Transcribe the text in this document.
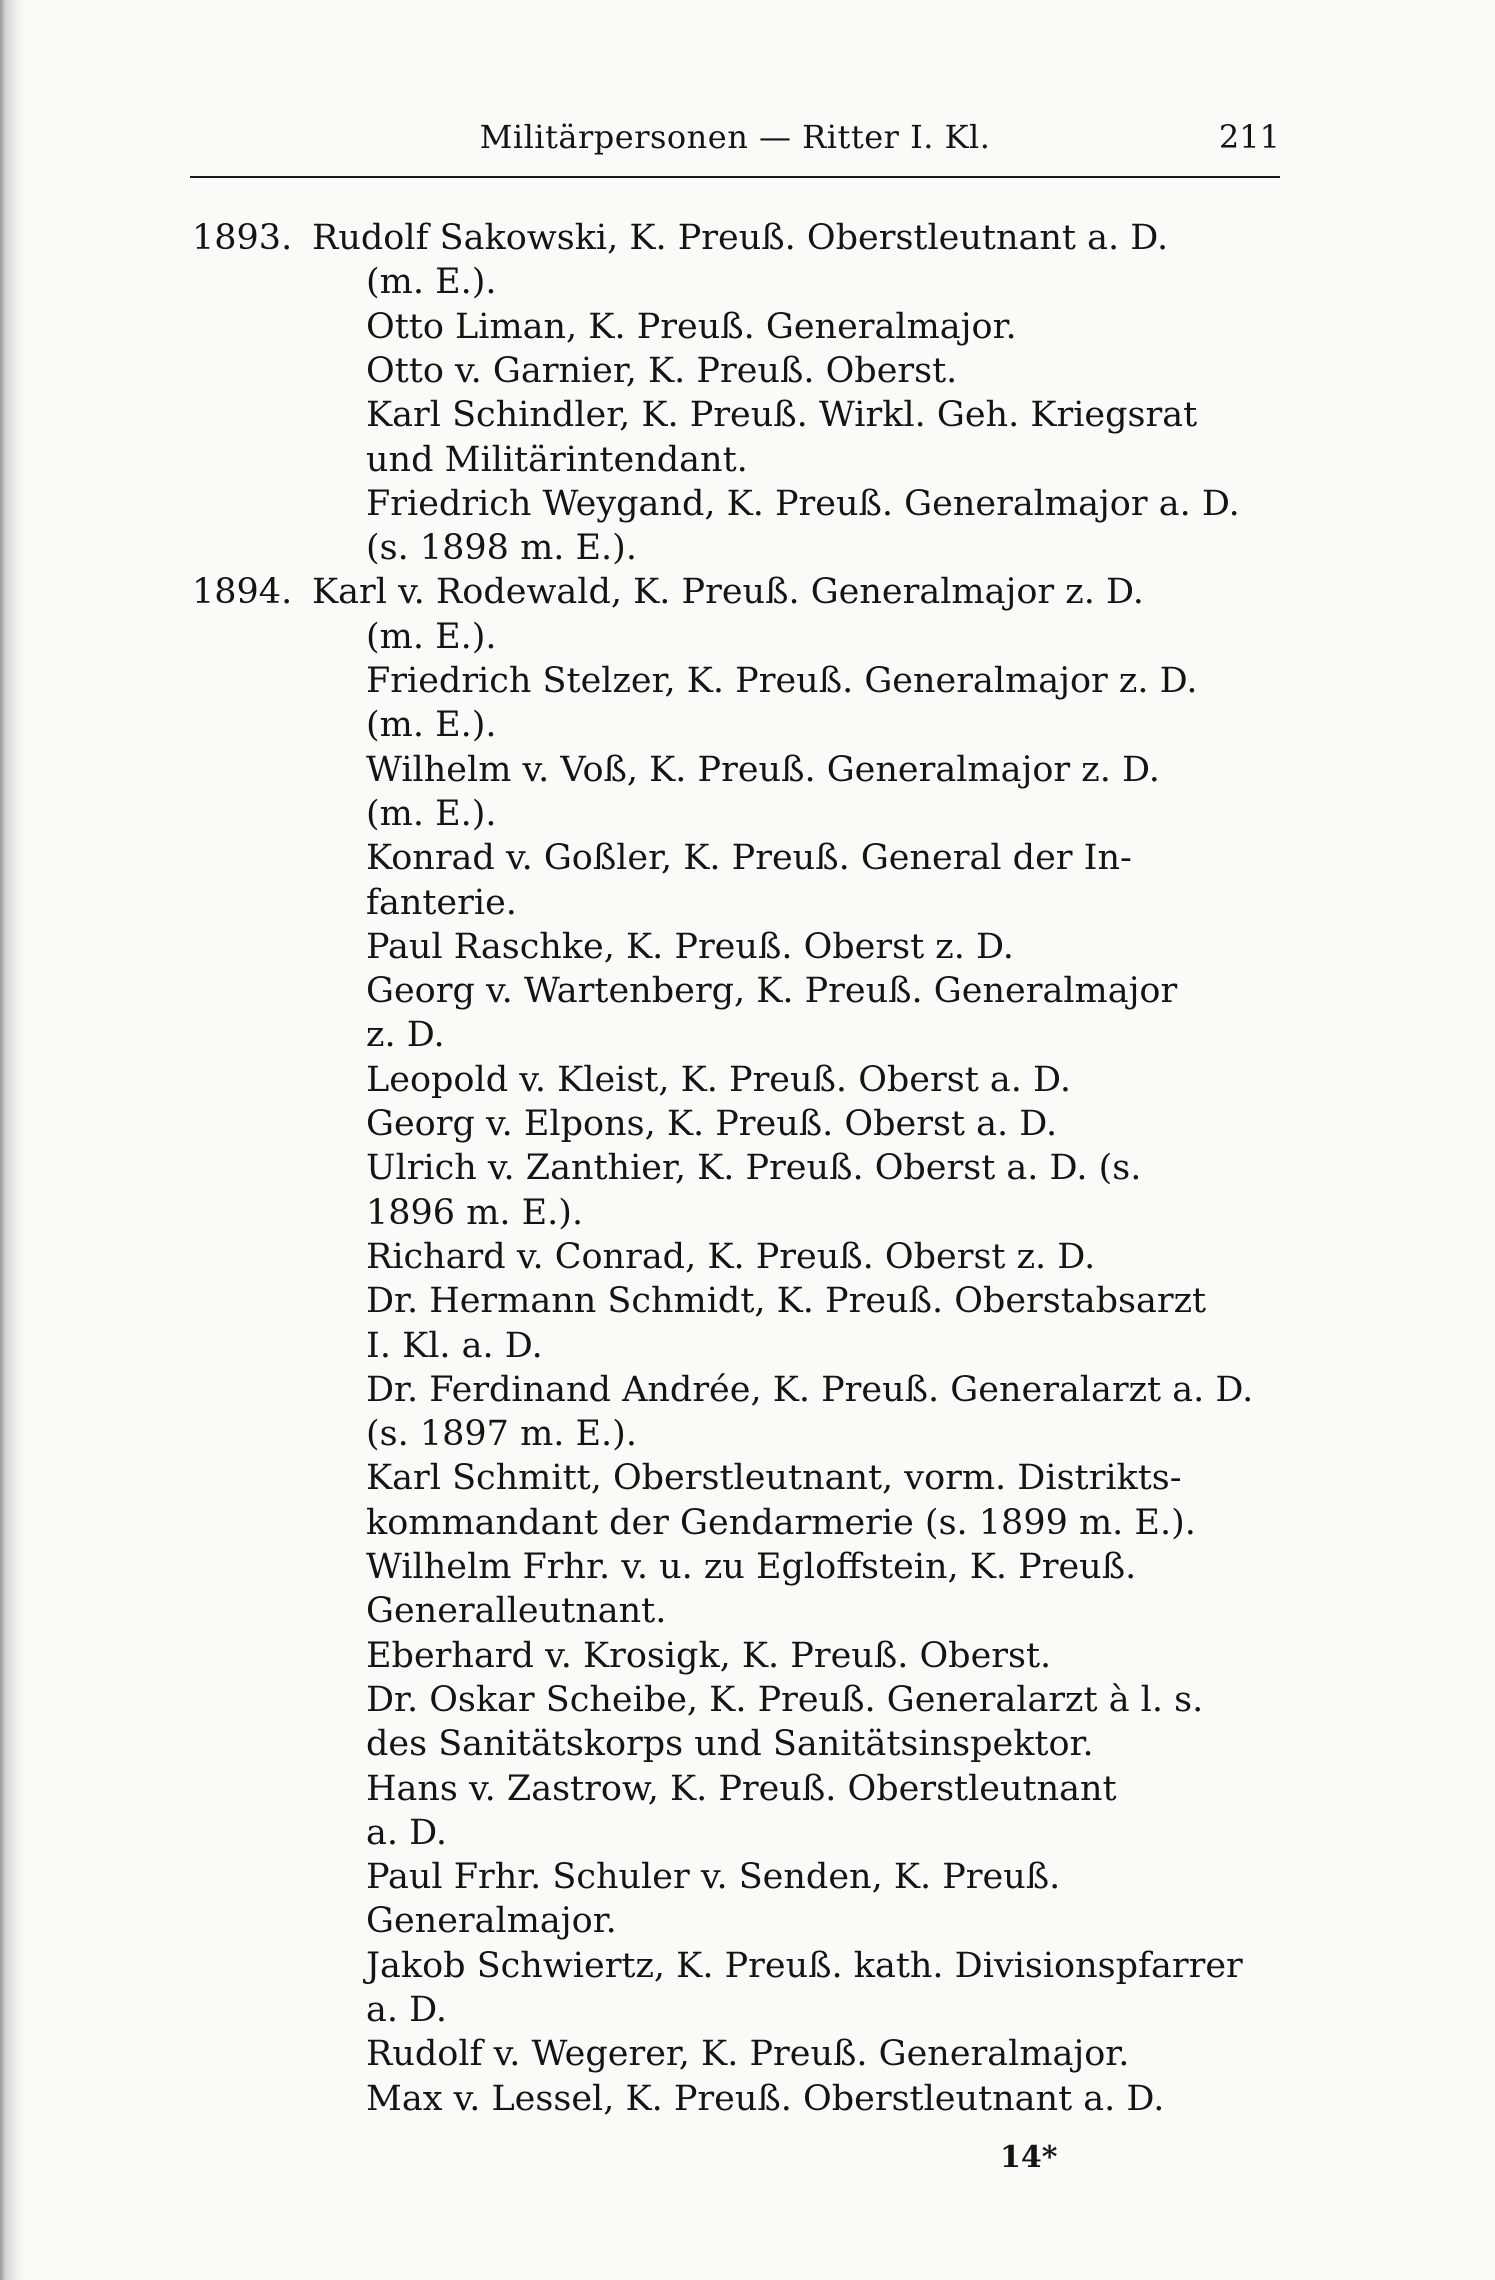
Militärpersonen — Ritter I. Kl.	211
1893. Rudolf Sakowski, K. Preuß. Oberstleutnant a. D.
(m. E.).
Otto Liman, K. Preuß. Generalmajor.
Otto v. Garnier, K. Preuß. Oberst.
Karl Schindler, K. Preuß. Wirkl. Geh. Kriegsrat
und Militärintendant.
Friedrich Weygand, K. Preuß. Generalmajor a. D.
(s. 1898 m. E.).
1894. Karl v. Rodewald, K. Preuß. Generalmajor z. D.
(m. E.).
Friedrich Stelzer, K. Preuß. Generalmajor z. D.
(m. E.).
Wilhelm v. Voß, K. Preuß. Generalmajor z. D.
(m. E.).
Konrad v. Goßler, K. Preuß. General der In-
fanterie.
Paul Raschke, K. Preuß. Oberst z. D.
Georg v. Wartenberg, K. Preuß. Generalmajor
z. D.
Leopold v. Kleist, K. Preuß. Oberst a. D.
Georg v. Elpons, K. Preuß. Oberst a. D.
Ulrich v. Zanthier, K. Preuß. Oberst a. D. (s.
1896 m. E.).
Richard v. Conrad, K. Preuß. Oberst z. D.
Dr. Hermann Schmidt, K. Preuß. Oberstabsarzt
I. Kl. a. D.
Dr. Ferdinand Andrée, K. Preuß. Generalarzt a. D.
(s. 1897 m. E.).
Karl Schmitt, Oberstleutnant, vorm. Distrikts-
kommandant der Gendarmerie (s. 1899 m. E.).
Wilhelm Frhr. v. u. zu Egloffstein, K. Preuß.
Generalleutnant.
Eberhard v. Krosigk, K. Preuß. Oberst.
Dr. Oskar Scheibe, K. Preuß. Generalarzt à l. s.
des Sanitätskorps und Sanitätsinspektor.
Hans v. Zastrow, K. Preuß. Oberstleutnant
a. D.
Paul Frhr. Schuler v. Senden, K. Preuß.
Generalmajor.
Jakob Schwiertz, K. Preuß. kath. Divisionspfarrer
a. D.
Rudolf v. Wegerer, K. Preuß. Generalmajor.
Max v. Lessel, K. Preuß. Oberstleutnant a. D.
14*
